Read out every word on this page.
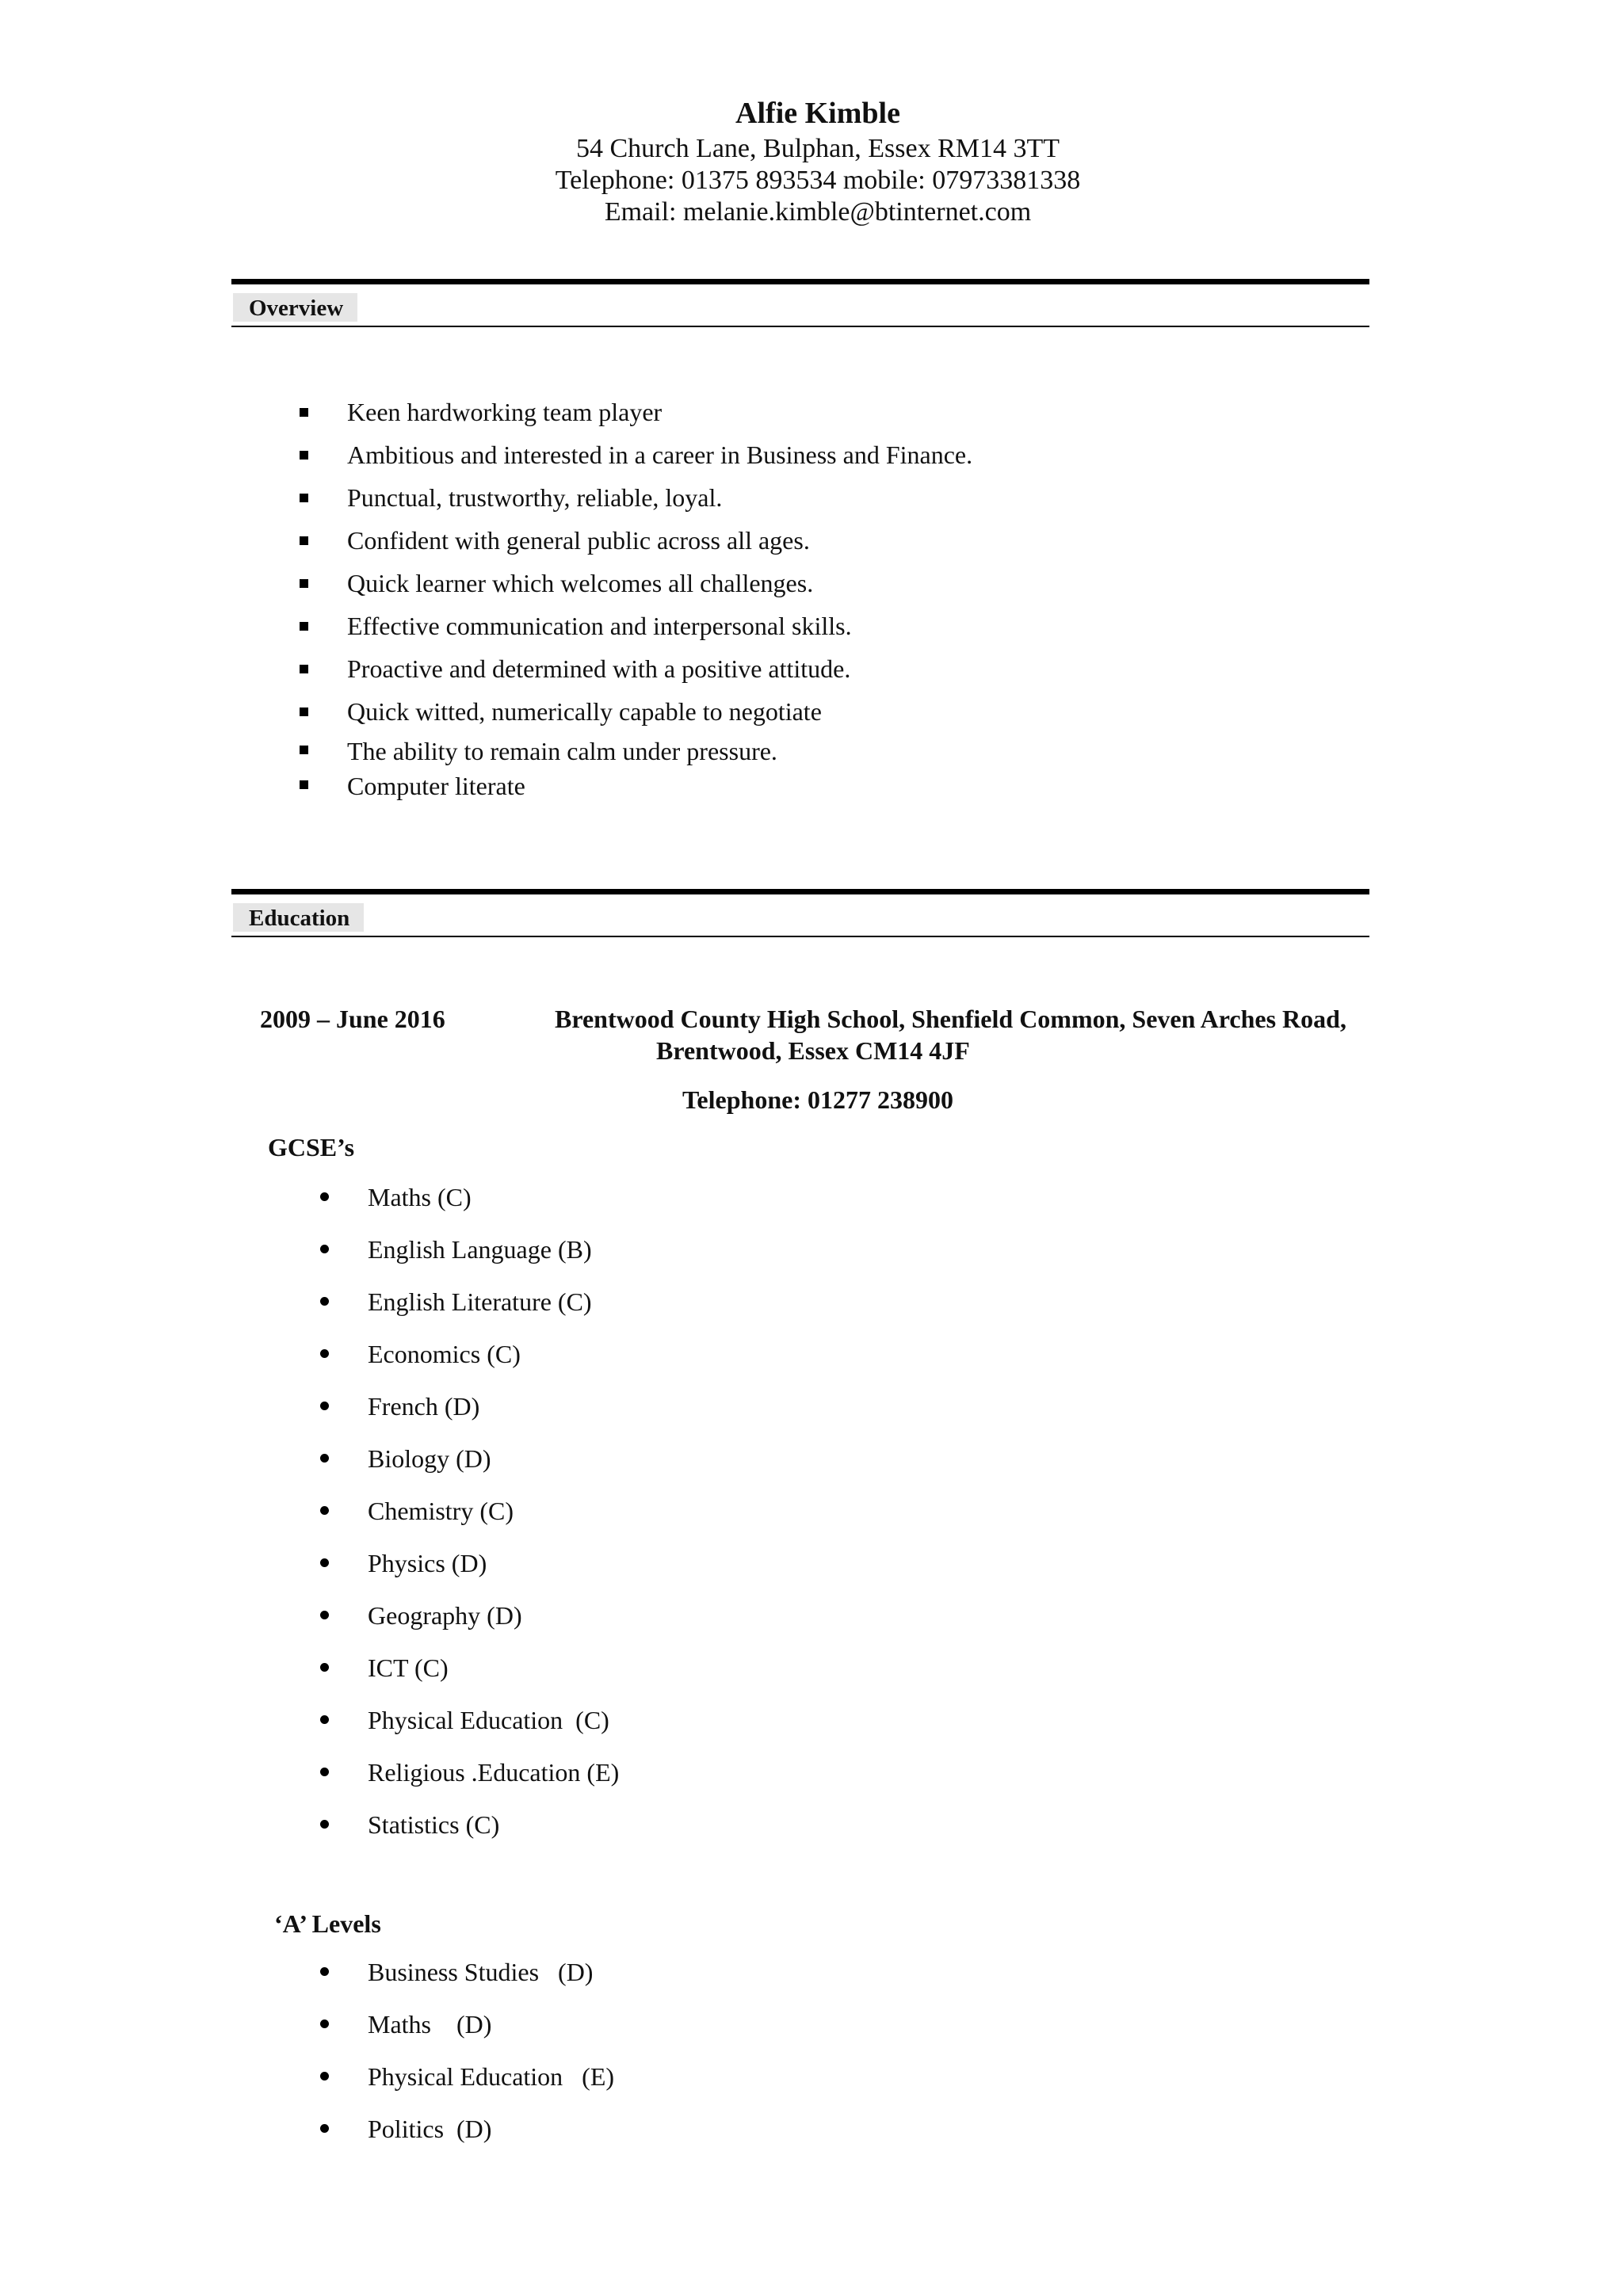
Alfie Kimble
54 Church Lane, Bulphan, Essex RM14 3TT
Telephone: 01375 893534 mobile: 07973381338
Email: melanie.kimble@btinternet.com
Overview
Keen hardworking team player
Ambitious and interested in a career in Business and Finance.
Punctual, trustworthy, reliable, loyal.
Confident with general public across all ages.
Quick learner which welcomes all challenges.
Effective communication and interpersonal skills.
Proactive and determined with a positive attitude.
Quick witted, numerically capable to negotiate
The ability to remain calm under pressure.
Computer literate
Education
2009 – June 2016	Brentwood County High School, Shenfield Common, Seven Arches Road,
Brentwood, Essex CM14 4JF
Telephone: 01277 238900
GCSE’s
Maths (C)
English Language (B)
English Literature (C)
Economics (C)
French (D)
Biology (D)
Chemistry (C)
Physics (D)
Geography (D)
ICT (C)
Physical Education  (C)
Religious .Education (E)
Statistics (C)
‘A’ Levels
Business Studies   (D)
Maths    (D)
Physical Education   (E)
Politics  (D)
